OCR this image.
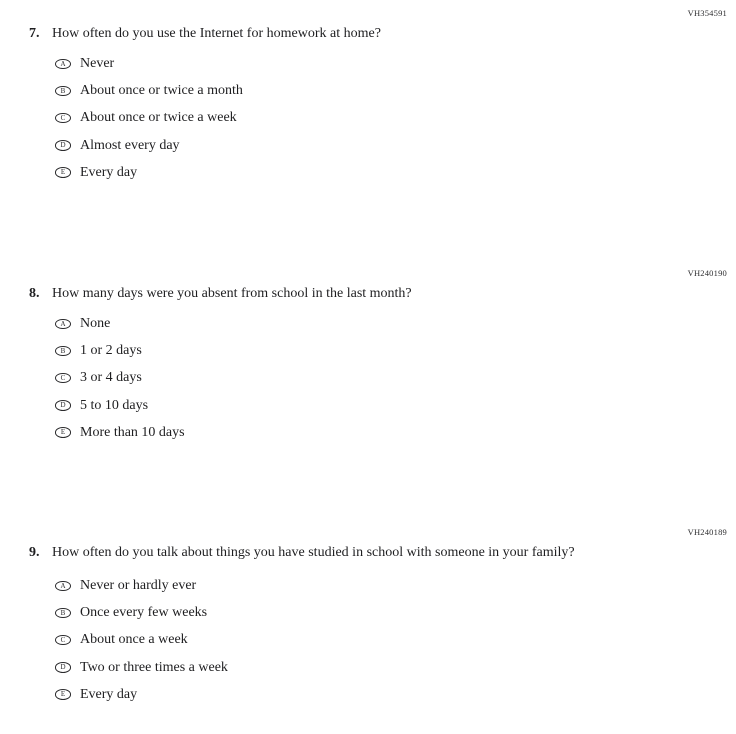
VH354591
7. How often do you use the Internet for homework at home?
A	Never
B	About once or twice a month
C	About once or twice a week
D	Almost every day
E	Every day
VH240190
8. How many days were you absent from school in the last month?
A	None
B	1 or 2 days
C	3 or 4 days
D	5 to 10 days
E	More than 10 days
VH240189
9. How often do you talk about things you have studied in school with someone in your family?
A	Never or hardly ever
B	Once every few weeks
C	About once a week
D	Two or three times a week
E	Every day
